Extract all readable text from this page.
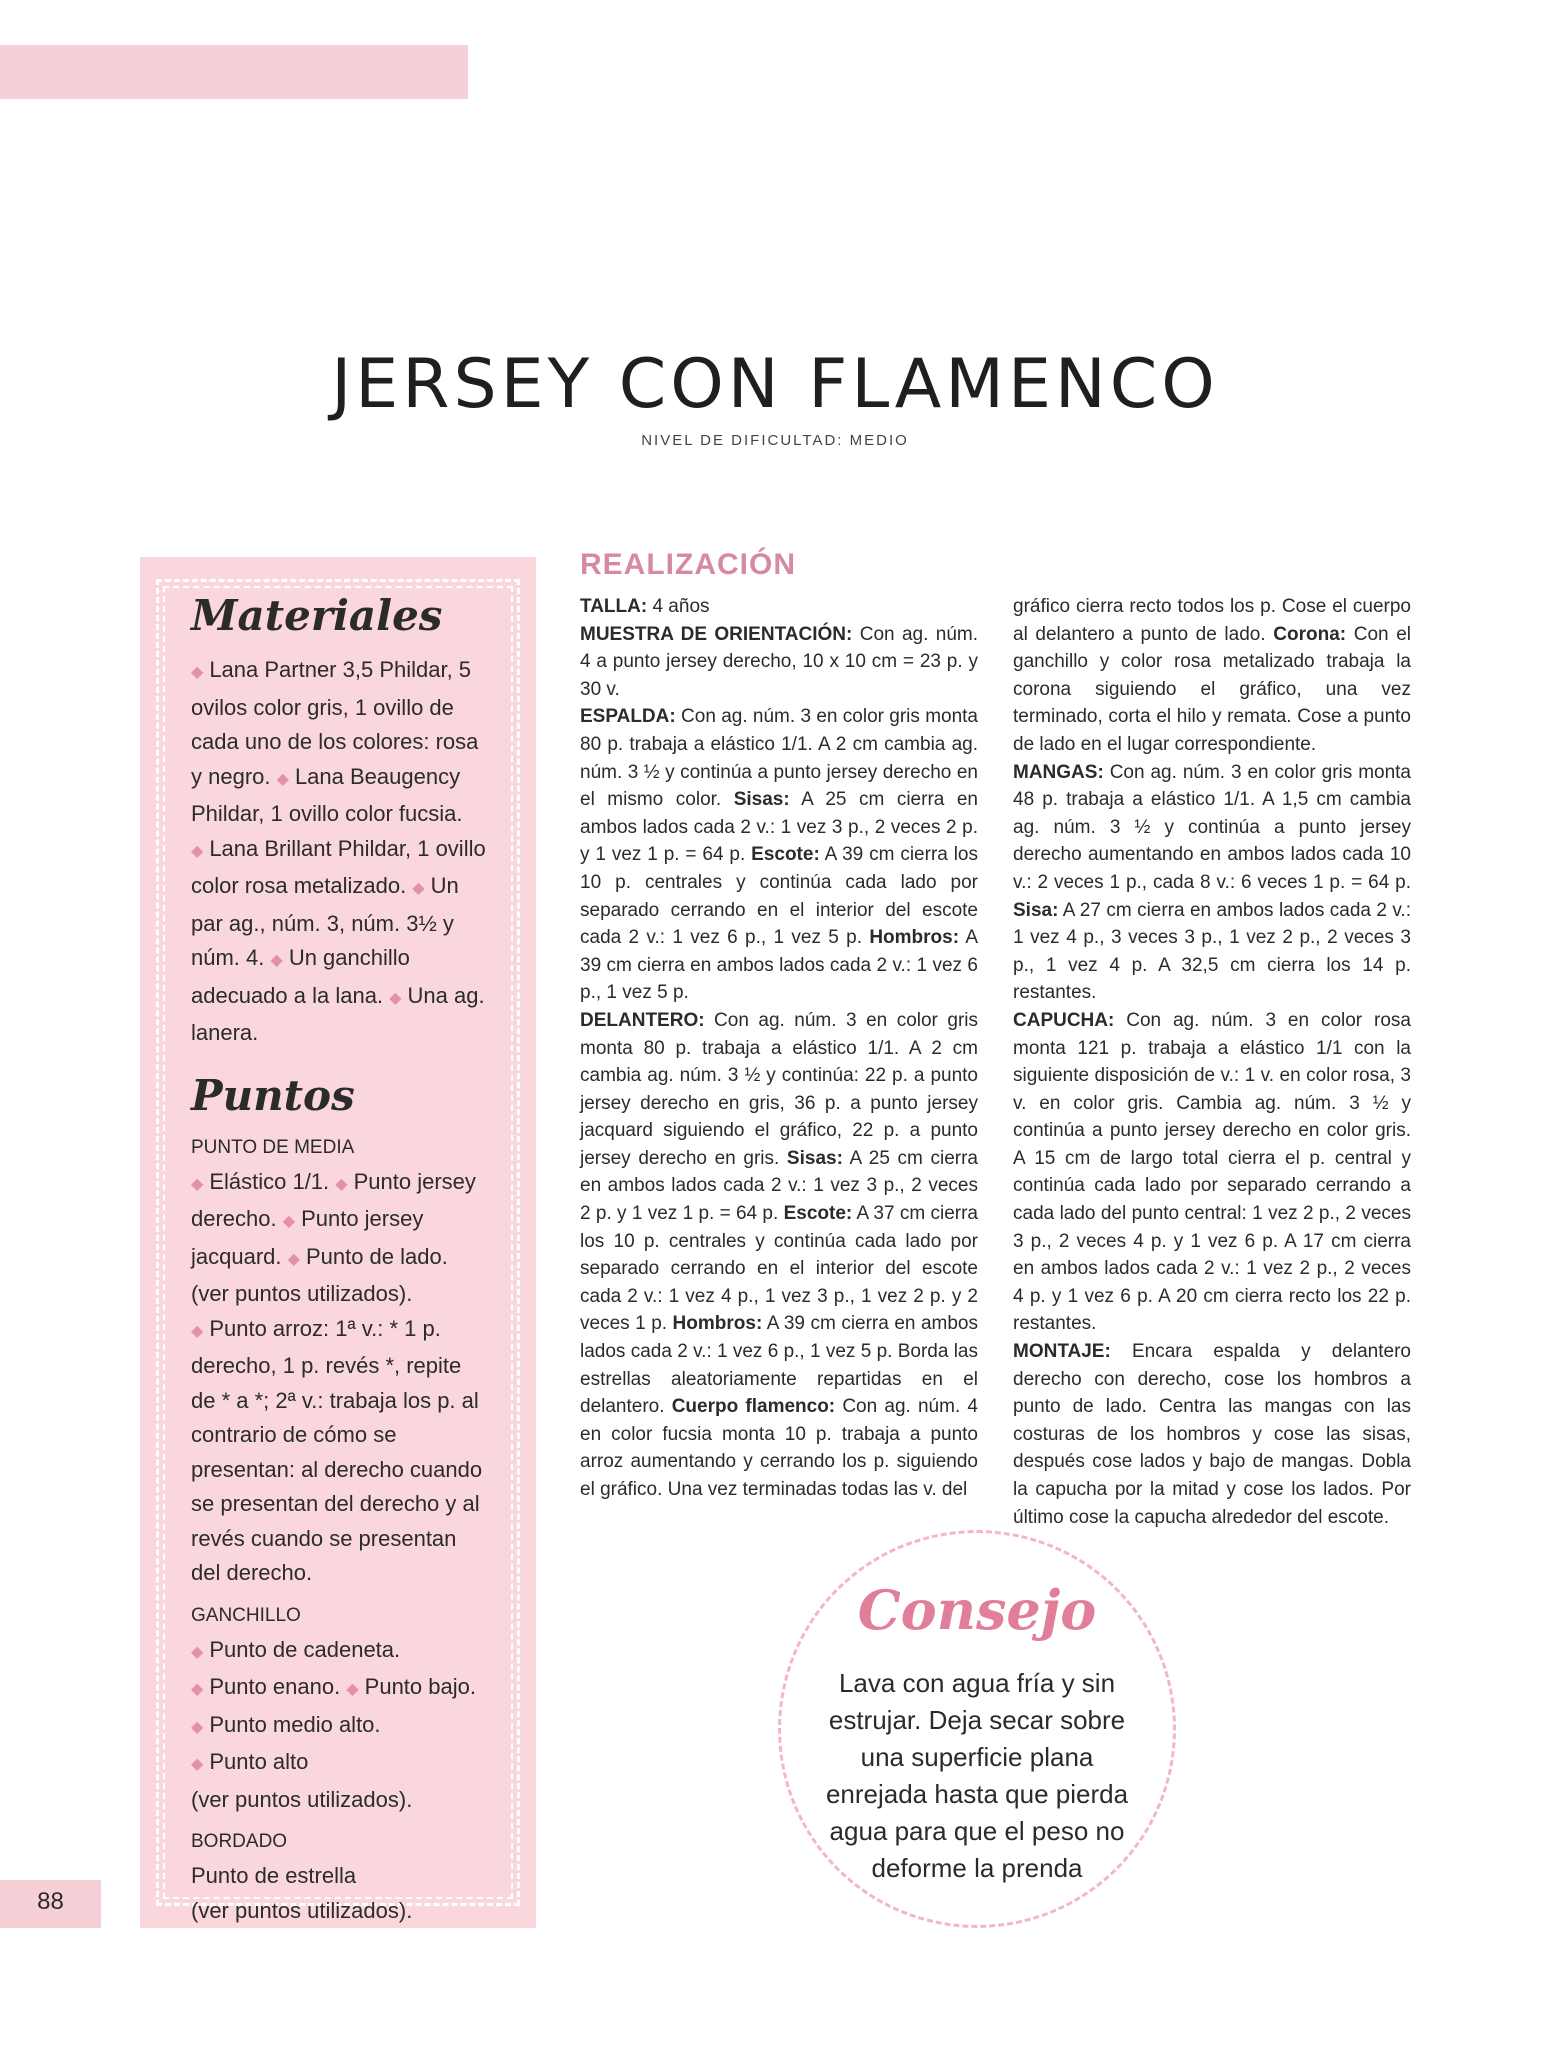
JERSEY CON FLAMENCO
NIVEL DE DIFICULTAD: MEDIO
Materiales

◆ Lana Partner 3,5 Phildar, 5 ovilos color gris, 1 ovillo de cada uno de los colores: rosa y negro. ◆ Lana Beaugency Phildar, 1 ovillo color fucsia. ◆ Lana Brillant Phildar, 1 ovillo color rosa metalizado. ◆ Un par ag., núm. 3, núm. 3½ y núm. 4. ◆ Un ganchillo adecuado a la lana. ◆ Una ag. lanera.

Puntos
PUNTO DE MEDIA

◆ Elástico 1/1. ◆ Punto jersey derecho. ◆ Punto jersey jacquard. ◆ Punto de lado. (ver puntos utilizados).
◆ Punto arroz: 1ª v.: * 1 p. derecho, 1 p. revés *, repite de * a *; 2ª v.: trabaja los p. al contrario de cómo se presentan: al derecho cuando se presentan del derecho y al revés cuando se presentan del derecho.

GANCHILLO

◆ Punto de cadeneta.
◆ Punto enano. ◆ Punto bajo.
◆ Punto medio alto.
◆ Punto alto
(ver puntos utilizados).

BORDADO

Punto de estrella
(ver puntos utilizados).

88
REALIZACIÓN

TALLA: 4 años

MUESTRA DE ORIENTACIÓN: Con ag. núm. 4 a punto jersey derecho, 10 x 10 cm = 23 p. y 30 v.

ESPALDA: Con ag. núm. 3 en color gris monta 80 p. trabaja a elástico 1/1. A 2 cm cambia ag. núm. 3 ½ y continúa a punto jersey derecho en el mismo color. Sisas: A 25 cm cierra en ambos lados cada 2 v.: 1 vez 3 p., 2 veces 2 p. y 1 vez 1 p. = 64 p. Escote: A 39 cm cierra los 10 p. centrales y continúa cada lado por separado cerrando en el interior del escote cada 2 v.: 1 vez 6 p., 1 vez 5 p. Hombros: A 39 cm cierra en ambos lados cada 2 v.: 1 vez 6 p., 1 vez 5 p.

DELANTERO: Con ag. núm. 3 en color gris monta 80 p. trabaja a elástico 1/1. A 2 cm cambia ag. núm. 3 ½ y continúa: 22 p. a punto jersey derecho en gris, 36 p. a punto jersey jacquard siguiendo el gráfico, 22 p. a punto jersey derecho en gris. Sisas: A 25 cm cierra en ambos lados cada 2 v.: 1 vez 3 p., 2 veces 2 p. y 1 vez 1 p. = 64 p. Escote: A 37 cm cierra los 10 p. centrales y continúa cada lado por separado cerrando en el interior del escote cada 2 v.: 1 vez 4 p., 1 vez 3 p., 1 vez 2 p. y 2 veces 1 p. Hombros: A 39 cm cierra en ambos lados cada 2 v.: 1 vez 6 p., 1 vez 5 p. Borda las estrellas aleatoriamente repartidas en el delantero. Cuerpo flamenco: Con ag. núm. 4 en color fucsia monta 10 p. trabaja a punto arroz aumentando y cerrando los p. siguiendo el gráfico. Una vez terminadas todas las v. del

gráfico cierra recto todos los p. Cose el cuerpo al delantero a punto de lado. Corona: Con el ganchillo y color rosa metalizado trabaja la corona siguiendo el gráfico, una vez terminado, corta el hilo y remata. Cose a punto de lado en el lugar correspondiente.

MANGAS: Con ag. núm. 3 en color gris monta 48 p. trabaja a elástico 1/1. A 1,5 cm cambia ag. núm. 3 ½ y continúa a punto jersey derecho aumentando en ambos lados cada 10 v.: 2 veces 1 p., cada 8 v.: 6 veces 1 p. = 64 p. Sisa: A 27 cm cierra en ambos lados cada 2 v.: 1 vez 4 p., 3 veces 3 p., 1 vez 2 p., 2 veces 3 p., 1 vez 4 p. A 32,5 cm cierra los 14 p. restantes.

CAPUCHA: Con ag. núm. 3 en color rosa monta 121 p. trabaja a elástico 1/1 con la siguiente disposición de v.: 1 v. en color rosa, 3 v. en color gris. Cambia ag. núm. 3 ½ y continúa a punto jersey derecho en color gris. A 15 cm de largo total cierra el p. central y continúa cada lado por separado cerrando a cada lado del punto central: 1 vez 2 p., 2 veces 3 p., 2 veces 4 p. y 1 vez 6 p. A 17 cm cierra en ambos lados cada 2 v.: 1 vez 2 p., 2 veces 4 p. y 1 vez 6 p. A 20 cm cierra recto los 22 p. restantes.

MONTAJE: Encara espalda y delantero derecho con derecho, cose los hombros a punto de lado. Centra las mangas con las costuras de los hombros y cose las sisas, después cose lados y bajo de mangas. Dobla la capucha por la mitad y cose los lados. Por último cose la capucha alrededor del escote.

Consejo

Lava con agua fría y sin estrujar. Deja secar sobre una superficie plana enrejada hasta que pierda agua para que el peso no deforme la prenda
